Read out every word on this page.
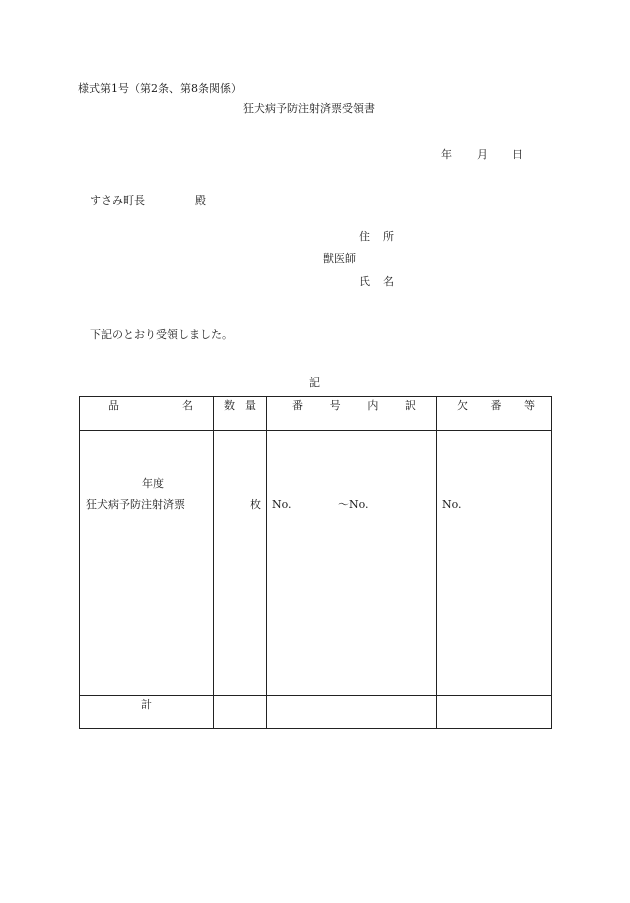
様式第1号（第2条、第8条関係）
狂犬病予防注射済票受領書
年 月 日
すさみ町長	殿
住 所
獣医師
氏 名
下記のとおり受領しました。
記
品 名	数 量	番 号 内 訳	欠 番 等

年度
狂犬病予防注射済票	枚	No. ～No.	No.

計			
